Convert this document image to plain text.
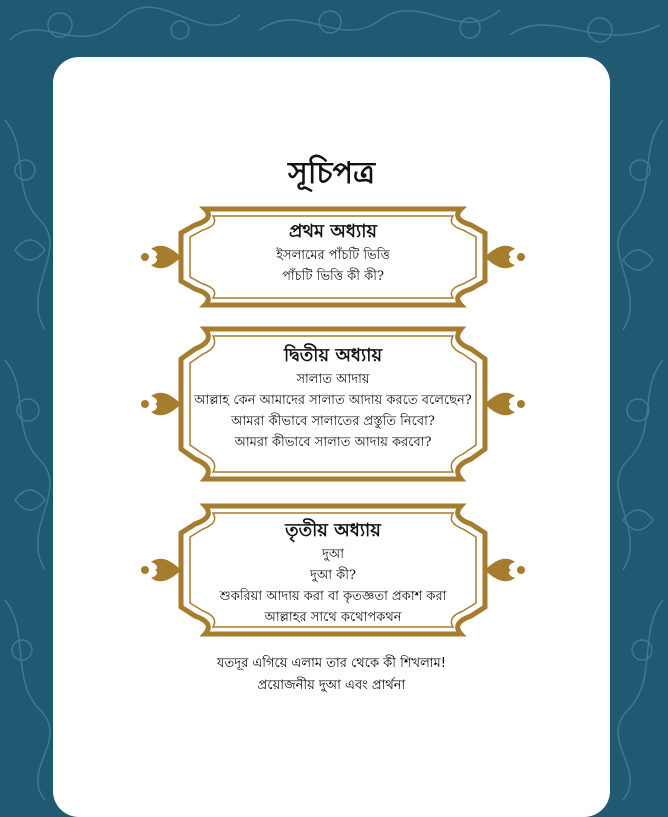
সূচিপত্র
প্রথম অধ্যায়
ইসলামের পাঁচটি ভিত্তি
পাঁচটি ভিত্তি কী কী?
দ্বিতীয় অধ্যায়
সালাত আদায়
আল্লাহ কেন আমাদের সালাত আদায় করতে বলেছেন?
আমরা কীভাবে সালাতের প্রস্তুতি নিবো?
আমরা কীভাবে সালাত আদায় করবো?
তৃতীয় অধ্যায়
দুআ
দুআ কী?
শুকরিয়া আদায় করা বা কৃতজ্ঞতা প্রকাশ করা
আল্লাহর সাথে কথোপকথন
যতদূর এগিয়ে এলাম তার থেকে কী শিখলাম!
প্রয়োজনীয় দুআ এবং প্রার্থনা
